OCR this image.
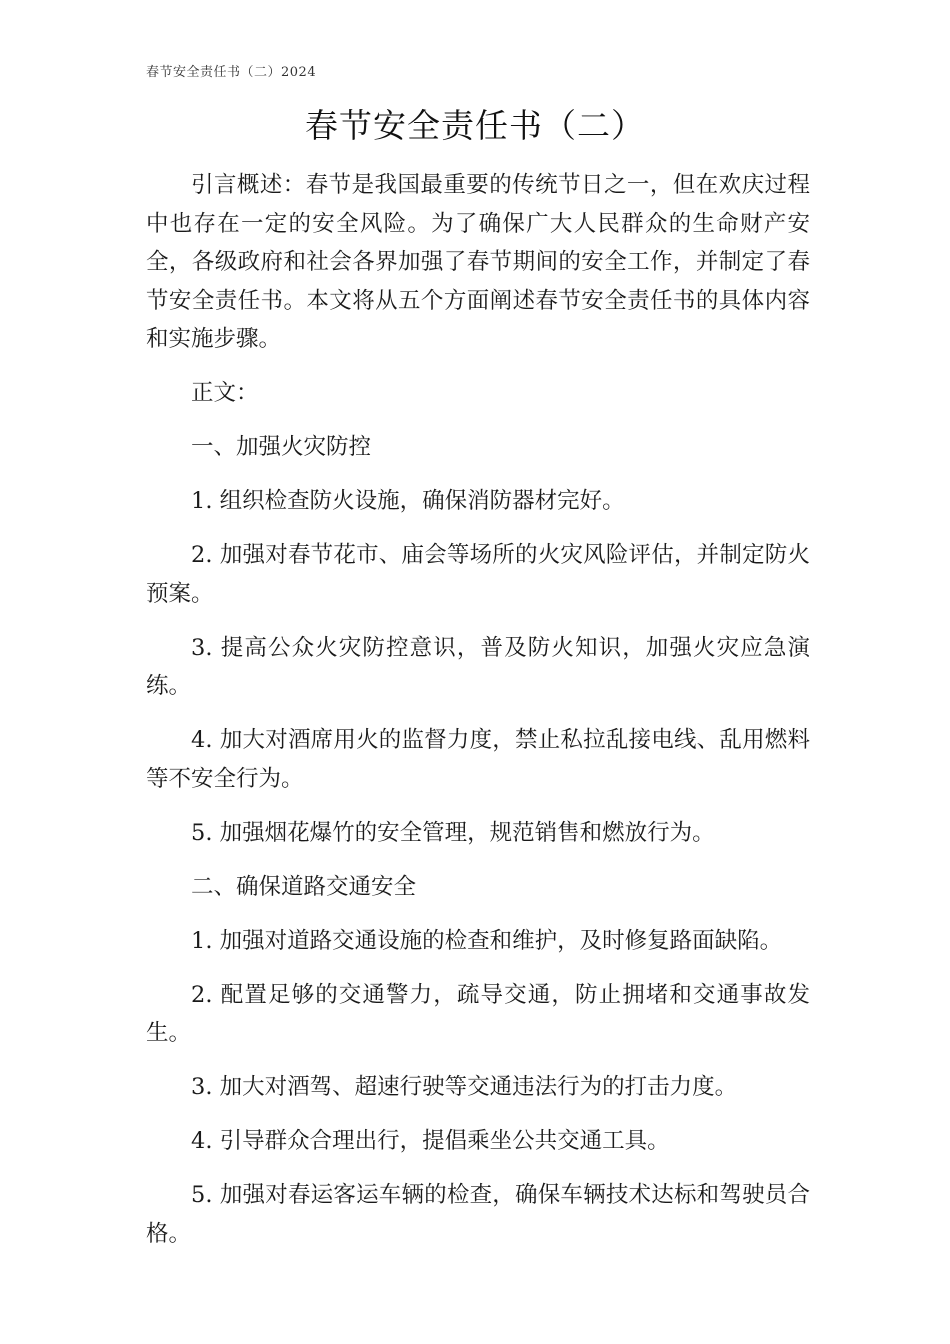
春节安全责任书（二）2024
春节安全责任书（二）

引言概述：春节是我国最重要的传统节日之一，但在欢庆过程中也存在一定的安全风险。为了确保广大人民群众的生命财产安全，各级政府和社会各界加强了春节期间的安全工作，并制定了春节安全责任书。本文将从五个方面阐述春节安全责任书的具体内容和实施步骤。

正文：

一、加强火灾防控

1. 组织检查防火设施，确保消防器材完好。

2. 加强对春节花市、庙会等场所的火灾风险评估，并制定防火预案。

3. 提高公众火灾防控意识，普及防火知识，加强火灾应急演练。

4. 加大对酒席用火的监督力度，禁止私拉乱接电线、乱用燃料等不安全行为。

5. 加强烟花爆竹的安全管理，规范销售和燃放行为。

二、确保道路交通安全

1. 加强对道路交通设施的检查和维护，及时修复路面缺陷。

2. 配置足够的交通警力，疏导交通，防止拥堵和交通事故发生。

3. 加大对酒驾、超速行驶等交通违法行为的打击力度。

4. 引导群众合理出行，提倡乘坐公共交通工具。

5. 加强对春运客运车辆的检查，确保车辆技术达标和驾驶员合格。
